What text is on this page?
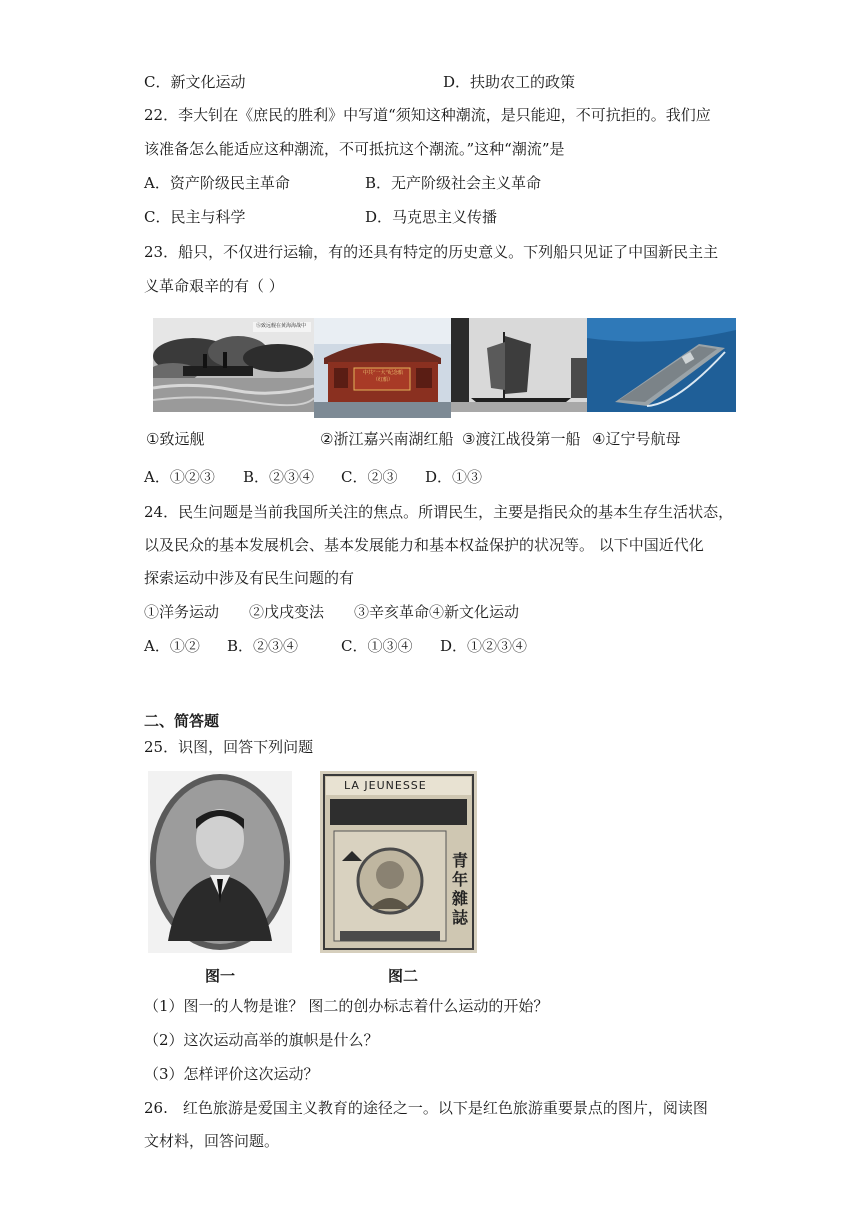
C．新文化运动	D．扶助农工的政策
22．李大钊在《庶民的胜利》中写道“须知这种潮流，是只能迎，不可抗拒的。我们应
该准备怎么能适应这种潮流，不可抵抗这个潮流。”这种“潮流”是
A．资产阶级民主革命	B．无产阶级社会主义革命
C．民主与科学	D．马克思主义传播
23．船只，不仅进行运输，有的还具有特定的历史意义。下列船只见证了中国新民主主
义革命艰辛的有（ ）
Ⓢ致远舰在黄海海战中
中共“一大”纪念船
（红船）
①致远舰	②浙江嘉兴南湖红船 ③渡江战役第一船 ④辽宁号航母
A．①②③ B．②③④ C．②③ D．①③
24．民生问题是当前我国所关注的焦点。所谓民生，主要是指民众的基本生存生活状态，
以及民众的基本发展机会、基本发展能力和基本权益保护的状况等。 以下中国近代化
探索运动中涉及有民生问题的有
①洋务运动　　②戊戌变法　　③辛亥革命④新文化运动
A．①② B．②③④	C．①③④ D．①②③④
二、简答题
25．识图，回答下列问题
LA JEUNESSE
青年雜誌
图一	图二
（1）图一的人物是谁？ 图二的创办标志着什么运动的开始？
（2）这次运动高举的旗帜是什么？
（3）怎样评价这次运动？
26.　红色旅游是爱国主义教育的途径之一。以下是红色旅游重要景点的图片，阅读图
文材料，回答问题。
